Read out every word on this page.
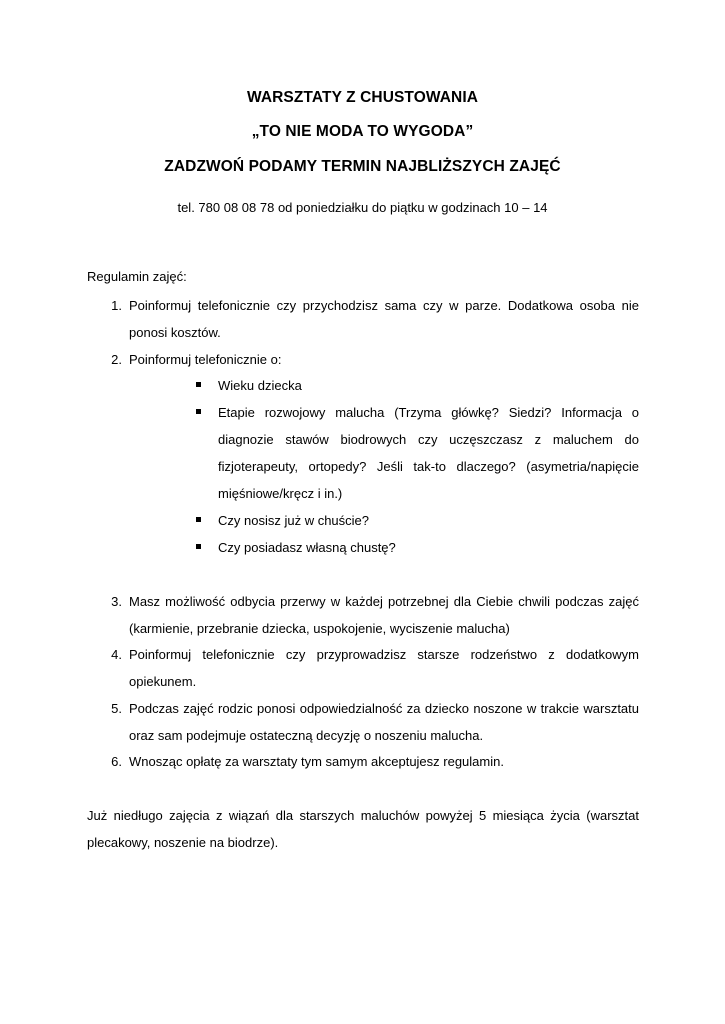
WARSZTATY Z CHUSTOWANIA
„TO NIE MODA TO WYGODA”
ZADZWOŃ PODAMY TERMIN NAJBLIŻSZYCH ZAJĘĆ
tel. 780 08 08 78 od poniedziałku do piątku w godzinach 10 – 14
Regulamin zajęć:
1. Poinformuj telefonicznie czy przychodzisz sama czy w parze. Dodatkowa osoba nie ponosi kosztów.
2. Poinformuj telefonicznie o:
3. Masz możliwość odbycia przerwy w każdej potrzebnej dla Ciebie chwili podczas zajęć (karmienie, przebranie dziecka, uspokojenie, wyciszenie malucha)
4. Poinformuj telefonicznie czy przyprowadzisz starsze rodzeństwo z dodatkowym opiekunem.
5. Podczas zajęć rodzic ponosi odpowiedzialność za dziecko noszone w trakcie warsztatu oraz sam podejmuje ostateczną decyzję o noszeniu malucha.
6. Wnosząc opłatę za warsztaty tym samym akceptujesz regulamin.
Wieku dziecka
Etapie rozwojowy malucha (Trzyma główkę? Siedzi? Informacja o diagnozie stawów biodrowych czy uczęszczasz z maluchem do fizjoterapeuty, ortopedy? Jeśli tak-to dlaczego? (asymetria/napięcie mięśniowe/kręcz i in.)
Czy nosisz już w chuście?
Czy posiadasz własną chustę?
Już niedługo zajęcia z wiązań dla starszych maluchów powyżej 5 miesiąca życia (warsztat plecakowy, noszenie na biodrze).
